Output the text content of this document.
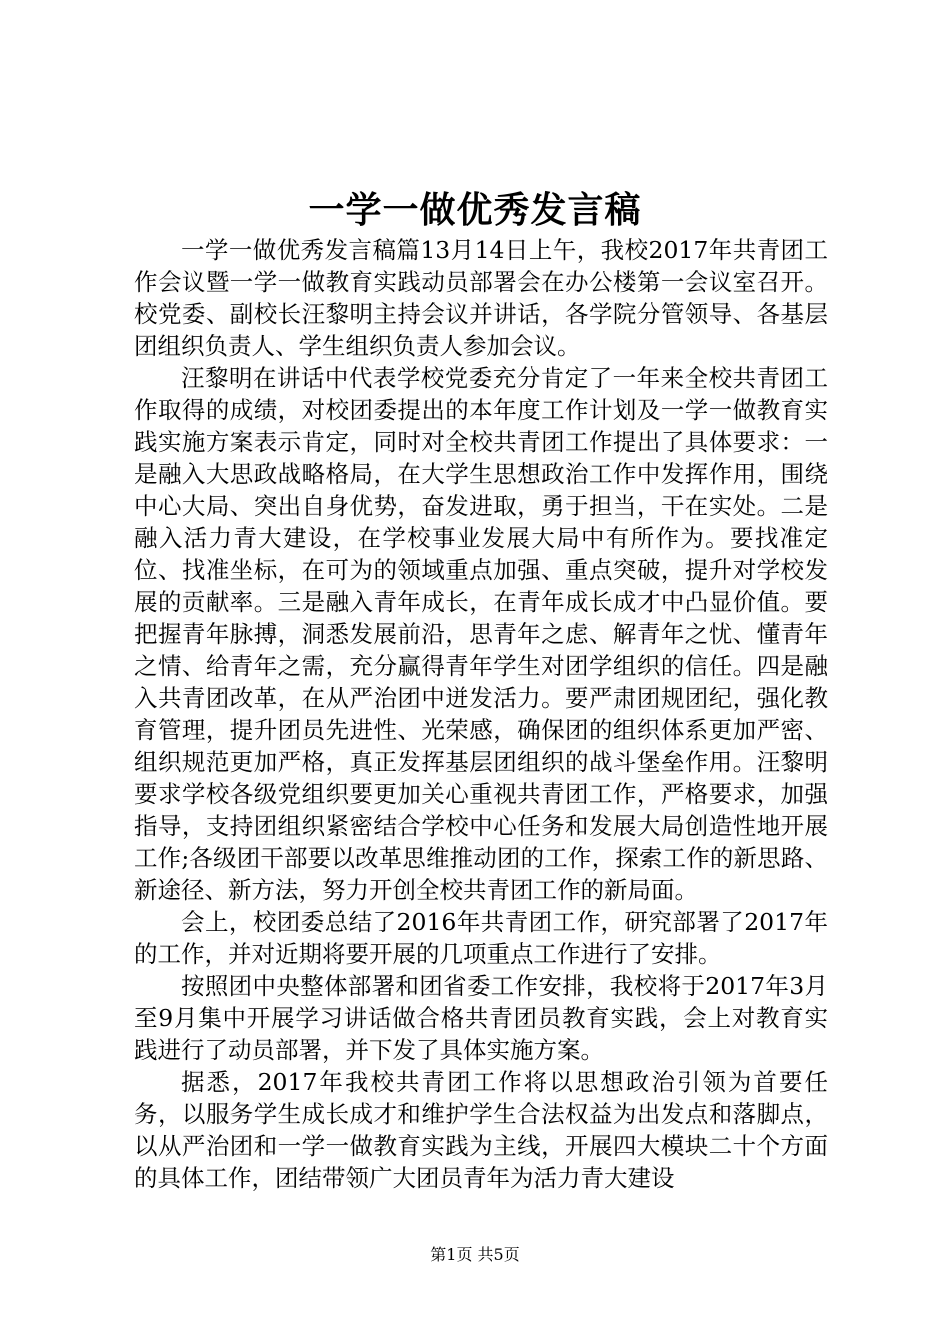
一学一做优秀发言稿

一学一做优秀发言稿篇13月14日上午，我校2017年共青团工作会议暨一学一做教育实践动员部署会在办公楼第一会议室召开。校党委、副校长汪黎明主持会议并讲话，各学院分管领导、各基层团组织负责人、学生组织负责人参加会议。

汪黎明在讲话中代表学校党委充分肯定了一年来全校共青团工作取得的成绩，对校团委提出的本年度工作计划及一学一做教育实践实施方案表示肯定，同时对全校共青团工作提出了具体要求：一是融入大思政战略格局，在大学生思想政治工作中发挥作用，围绕中心大局、突出自身优势，奋发进取，勇于担当，干在实处。二是融入活力青大建设，在学校事业发展大局中有所作为。要找准定位、找准坐标，在可为的领域重点加强、重点突破，提升对学校发展的贡献率。三是融入青年成长，在青年成长成才中凸显价值。要把握青年脉搏，洞悉发展前沿，思青年之虑、解青年之忧、懂青年之情、给青年之需，充分赢得青年学生对团学组织的信任。四是融入共青团改革，在从严治团中迸发活力。要严肃团规团纪，强化教育管理，提升团员先进性、光荣感，确保团的组织体系更加严密、组织规范更加严格，真正发挥基层团组织的战斗堡垒作用。汪黎明要求学校各级党组织要更加关心重视共青团工作，严格要求，加强指导，支持团组织紧密结合学校中心任务和发展大局创造性地开展工作;各级团干部要以改革思维推动团的工作，探索工作的新思路、新途径、新方法，努力开创全校共青团工作的新局面。

会上，校团委总结了2016年共青团工作，研究部署了2017年的工作，并对近期将要开展的几项重点工作进行了安排。

按照团中央整体部署和团省委工作安排，我校将于2017年3月至9月集中开展学习讲话做合格共青团员教育实践，会上对教育实践进行了动员部署，并下发了具体实施方案。

据悉，2017年我校共青团工作将以思想政治引领为首要任务，以服务学生成长成才和维护学生合法权益为出发点和落脚点，以从严治团和一学一做教育实践为主线，开展四大模块二十个方面的具体工作，团结带领广大团员青年为活力青大建设

第1页 共5页
